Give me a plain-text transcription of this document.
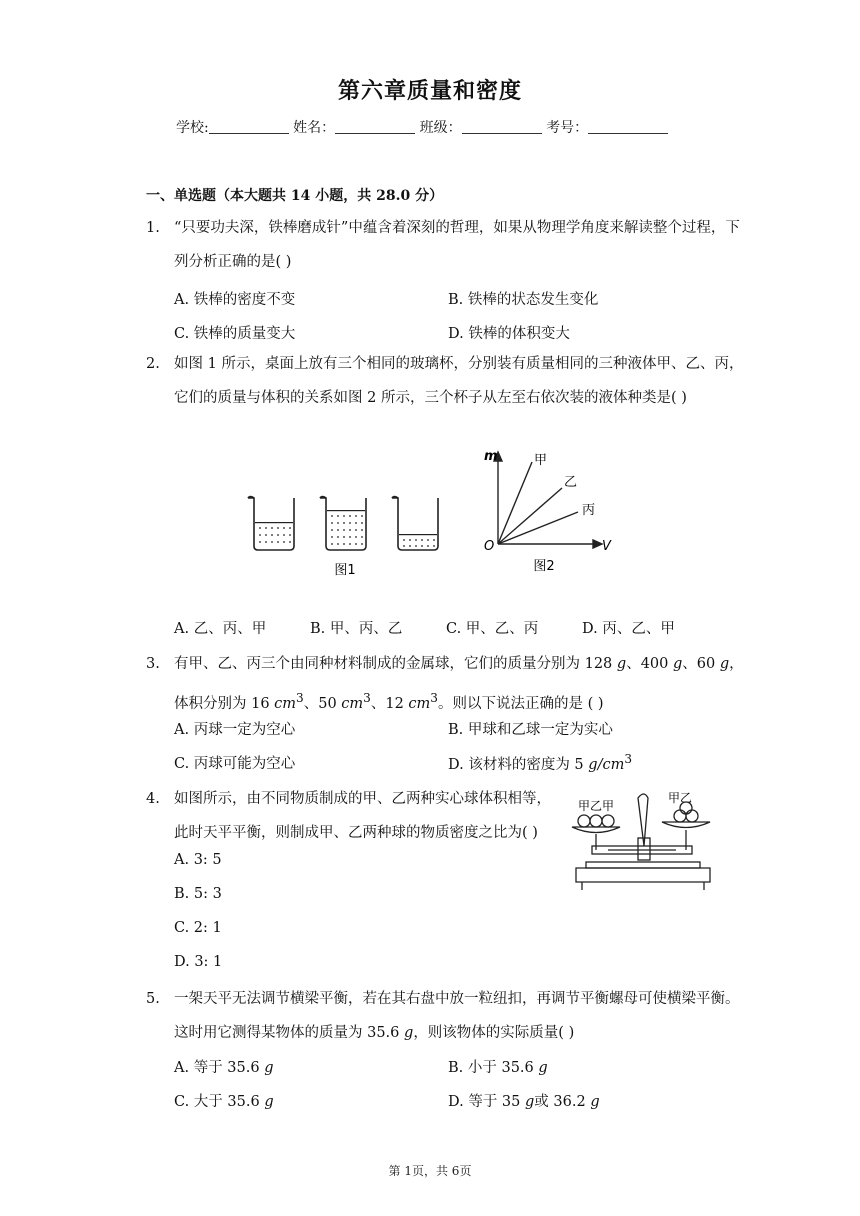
第六章质量和密度
学校:	姓名：	班级：	考号：
一、单选题（本大题共 14 小题，共 28.0 分）
1. “只要功夫深，铁棒磨成针”中蕴含着深刻的哲理，如果从物理学角度来解读整个过程，下列分析正确的是( )
A. 铁棒的密度不变	B. 铁棒的状态发生变化
C. 铁棒的质量变大	D. 铁棒的体积变大
2. 如图 1 所示，桌面上放有三个相同的玻璃杯，分别装有质量相同的三种液体甲、乙、丙，它们的质量与体积的关系如图 2 所示，三个杯子从左至右依次装的液体种类是( )
图1
m
V
O
甲
乙
丙
图2
A. 乙、丙、甲	B. 甲、丙、乙	C. 甲、乙、丙	D. 丙、乙、甲
3. 有甲、乙、丙三个由同种材料制成的金属球，它们的质量分别为 128 g、400 g、60 g，
体积分别为 16 $cm^3$、50 $cm^3$、12 $cm^3$。则以下说法正确的是 ( )
A. 丙球一定为空心	B. 甲球和乙球一定为实心
C. 丙球可能为空心	D. 该材料的密度为 5 $g/cm^3$
4. 如图所示，由不同物质制成的甲、乙两种实心球体积相等，此时天平平衡，则制成甲、乙两种球的物质密度之比为( )
甲乙甲
甲乙
A. 3: 5
B. 5: 3
C. 2: 1
D. 3: 1
5. 一架天平无法调节横梁平衡，若在其右盘中放一粒纽扣，再调节平衡螺母可使横梁平衡。这时用它测得某物体的质量为 35.6 g，则该物体的实际质量( )
A. 等于 35.6 g	B. 小于 35.6 g
C. 大于 35.6 g	D. 等于 35 g或 36.2 g
第 1页，共 6页
